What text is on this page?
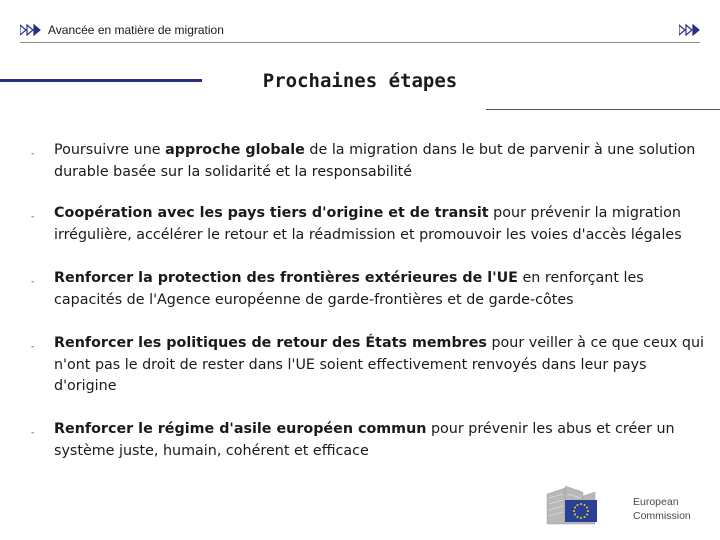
Avancée en matière de migration
Prochaines étapes
- Poursuivre une approche globale de la migration dans le but de parvenir à une solution durable basée sur la solidarité et la responsabilité
- Coopération avec les pays tiers d'origine et de transit pour prévenir la migration irrégulière, accélérer le retour et la réadmission et promouvoir les voies d'accès légales
- Renforcer la protection des frontières extérieures de l'UE en renforçant les capacités de l'Agence européenne de garde-frontières et de garde-côtes
- Renforcer les politiques de retour des États membres pour veiller à ce que ceux qui n'ont pas le droit de rester dans l'UE soient effectivement renvoyés dans leur pays d'origine
- Renforcer le régime d'asile européen commun pour prévenir les abus et créer un système juste, humain, cohérent et efficace
European
Commission
